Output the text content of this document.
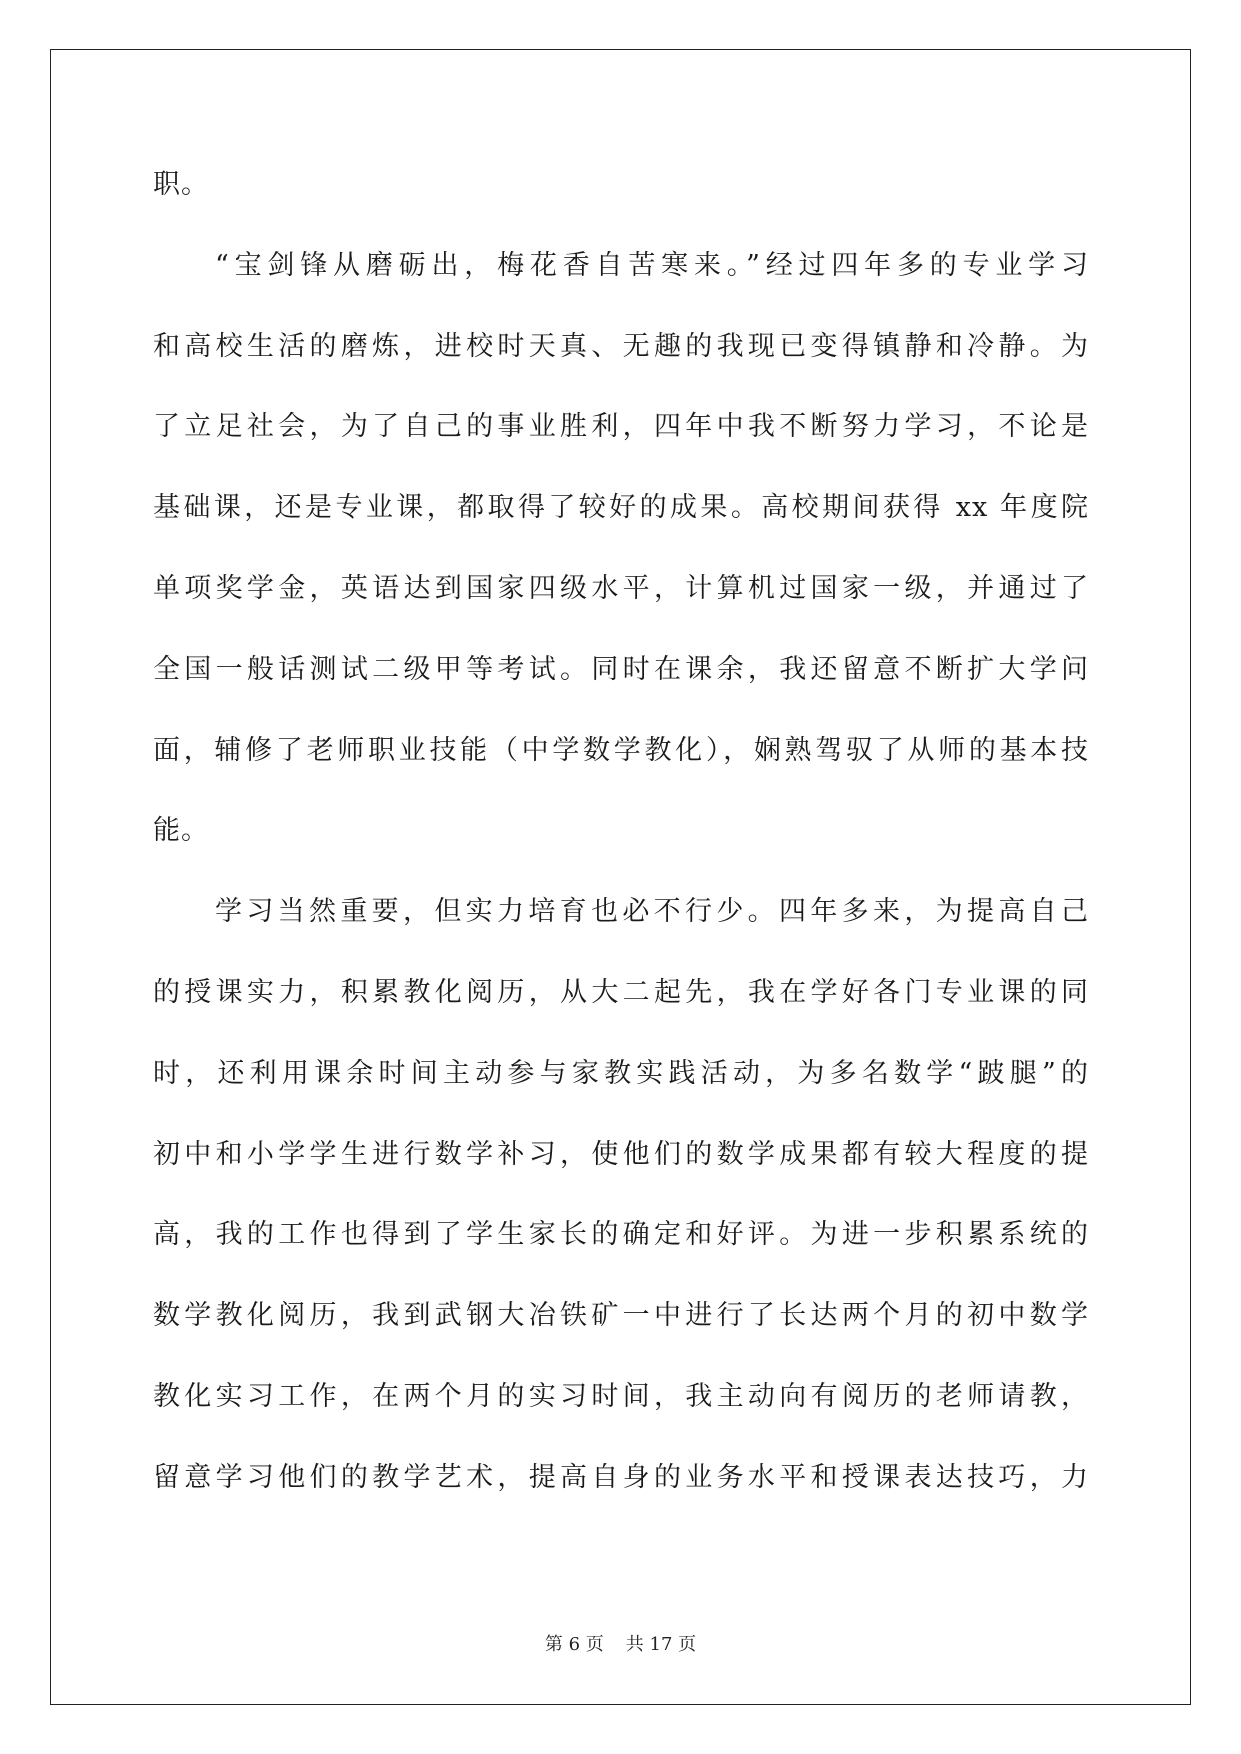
职。
“宝剑锋从磨砺出，梅花香自苦寒来。”经过四年多的专业学习
和高校生活的磨炼，进校时天真、无趣的我现已变得镇静和冷静。为
了立足社会，为了自己的事业胜利，四年中我不断努力学习，不论是
基础课，还是专业课，都取得了较好的成果。高校期间获得 xx 年度院
单项奖学金，英语达到国家四级水平，计算机过国家一级，并通过了
全国一般话测试二级甲等考试。同时在课余，我还留意不断扩大学问
面，辅修了老师职业技能（中学数学教化），娴熟驾驭了从师的基本技
能。
学习当然重要，但实力培育也必不行少。四年多来，为提高自己
的授课实力，积累教化阅历，从大二起先，我在学好各门专业课的同
时，还利用课余时间主动参与家教实践活动，为多名数学“跛腿”的
初中和小学学生进行数学补习，使他们的数学成果都有较大程度的提
高，我的工作也得到了学生家长的确定和好评。为进一步积累系统的
数学教化阅历，我到武钢大冶铁矿一中进行了长达两个月的初中数学
教化实习工作，在两个月的实习时间，我主动向有阅历的老师请教，
留意学习他们的教学艺术，提高自身的业务水平和授课表达技巧，力
第 6 页 共 17 页
